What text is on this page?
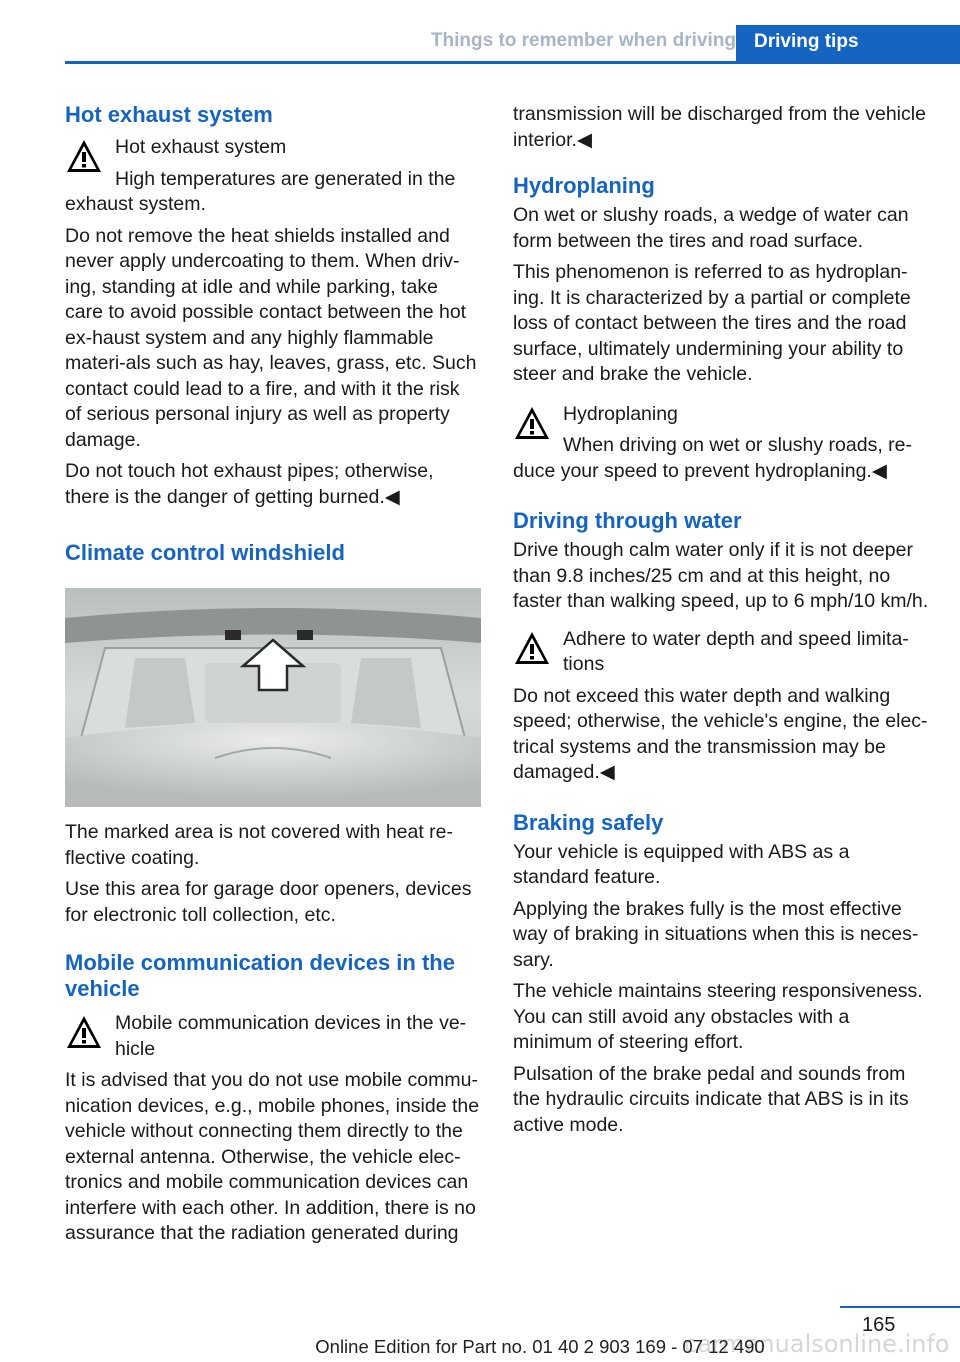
Things to remember when driving Driving tips
Hot exhaust system
Hot exhaust system
High temperatures are generated in the
exhaust system.
Do not remove the heat shields installed and never apply undercoating to them. When driv‐ing, standing at idle and while parking, take care to avoid possible contact between the hot ex‐haust system and any highly flammable materi‐als such as hay, leaves, grass, etc. Such contact could lead to a fire, and with it the risk of serious personal injury as well as property damage.
Do not touch hot exhaust pipes; otherwise, there is the danger of getting burned.◀
Climate control windshield
The marked area is not covered with heat re‐flective coating.
Use this area for garage door openers, devices for electronic toll collection, etc.
Mobile communication devices in the vehicle
Mobile communication devices in the ve‐hicle
It is advised that you do not use mobile commu‐nication devices, e.g., mobile phones, inside the vehicle without connecting them directly to the external antenna. Otherwise, the vehicle elec‐tronics and mobile communication devices can interfere with each other. In addition, there is no assurance that the radiation generated during
transmission will be discharged from the vehicle interior.◀
Hydroplaning
On wet or slushy roads, a wedge of water can form between the tires and road surface.
This phenomenon is referred to as hydroplan‐ing. It is characterized by a partial or complete loss of contact between the tires and the road surface, ultimately undermining your ability to steer and brake the vehicle.
Hydroplaning
When driving on wet or slushy roads, re‐
duce your speed to prevent hydroplaning.◀
Driving through water
Drive though calm water only if it is not deeper than 9.8 inches/25 cm and at this height, no faster than walking speed, up to 6 mph/10 km/h.
Adhere to water depth and speed limita‐tions
Do not exceed this water depth and walking speed; otherwise, the vehicle's engine, the elec‐trical systems and the transmission may be damaged.◀
Braking safely
Your vehicle is equipped with ABS as a standard feature.
Applying the brakes fully is the most effective way of braking in situations when this is neces‐sary.
The vehicle maintains steering responsiveness. You can still avoid any obstacles with a minimum of steering effort.
Pulsation of the brake pedal and sounds from the hydraulic circuits indicate that ABS is in its active mode.
165
carmanualsonline.info
Online Edition for Part no. 01 40 2 903 169 - 07 12 490
